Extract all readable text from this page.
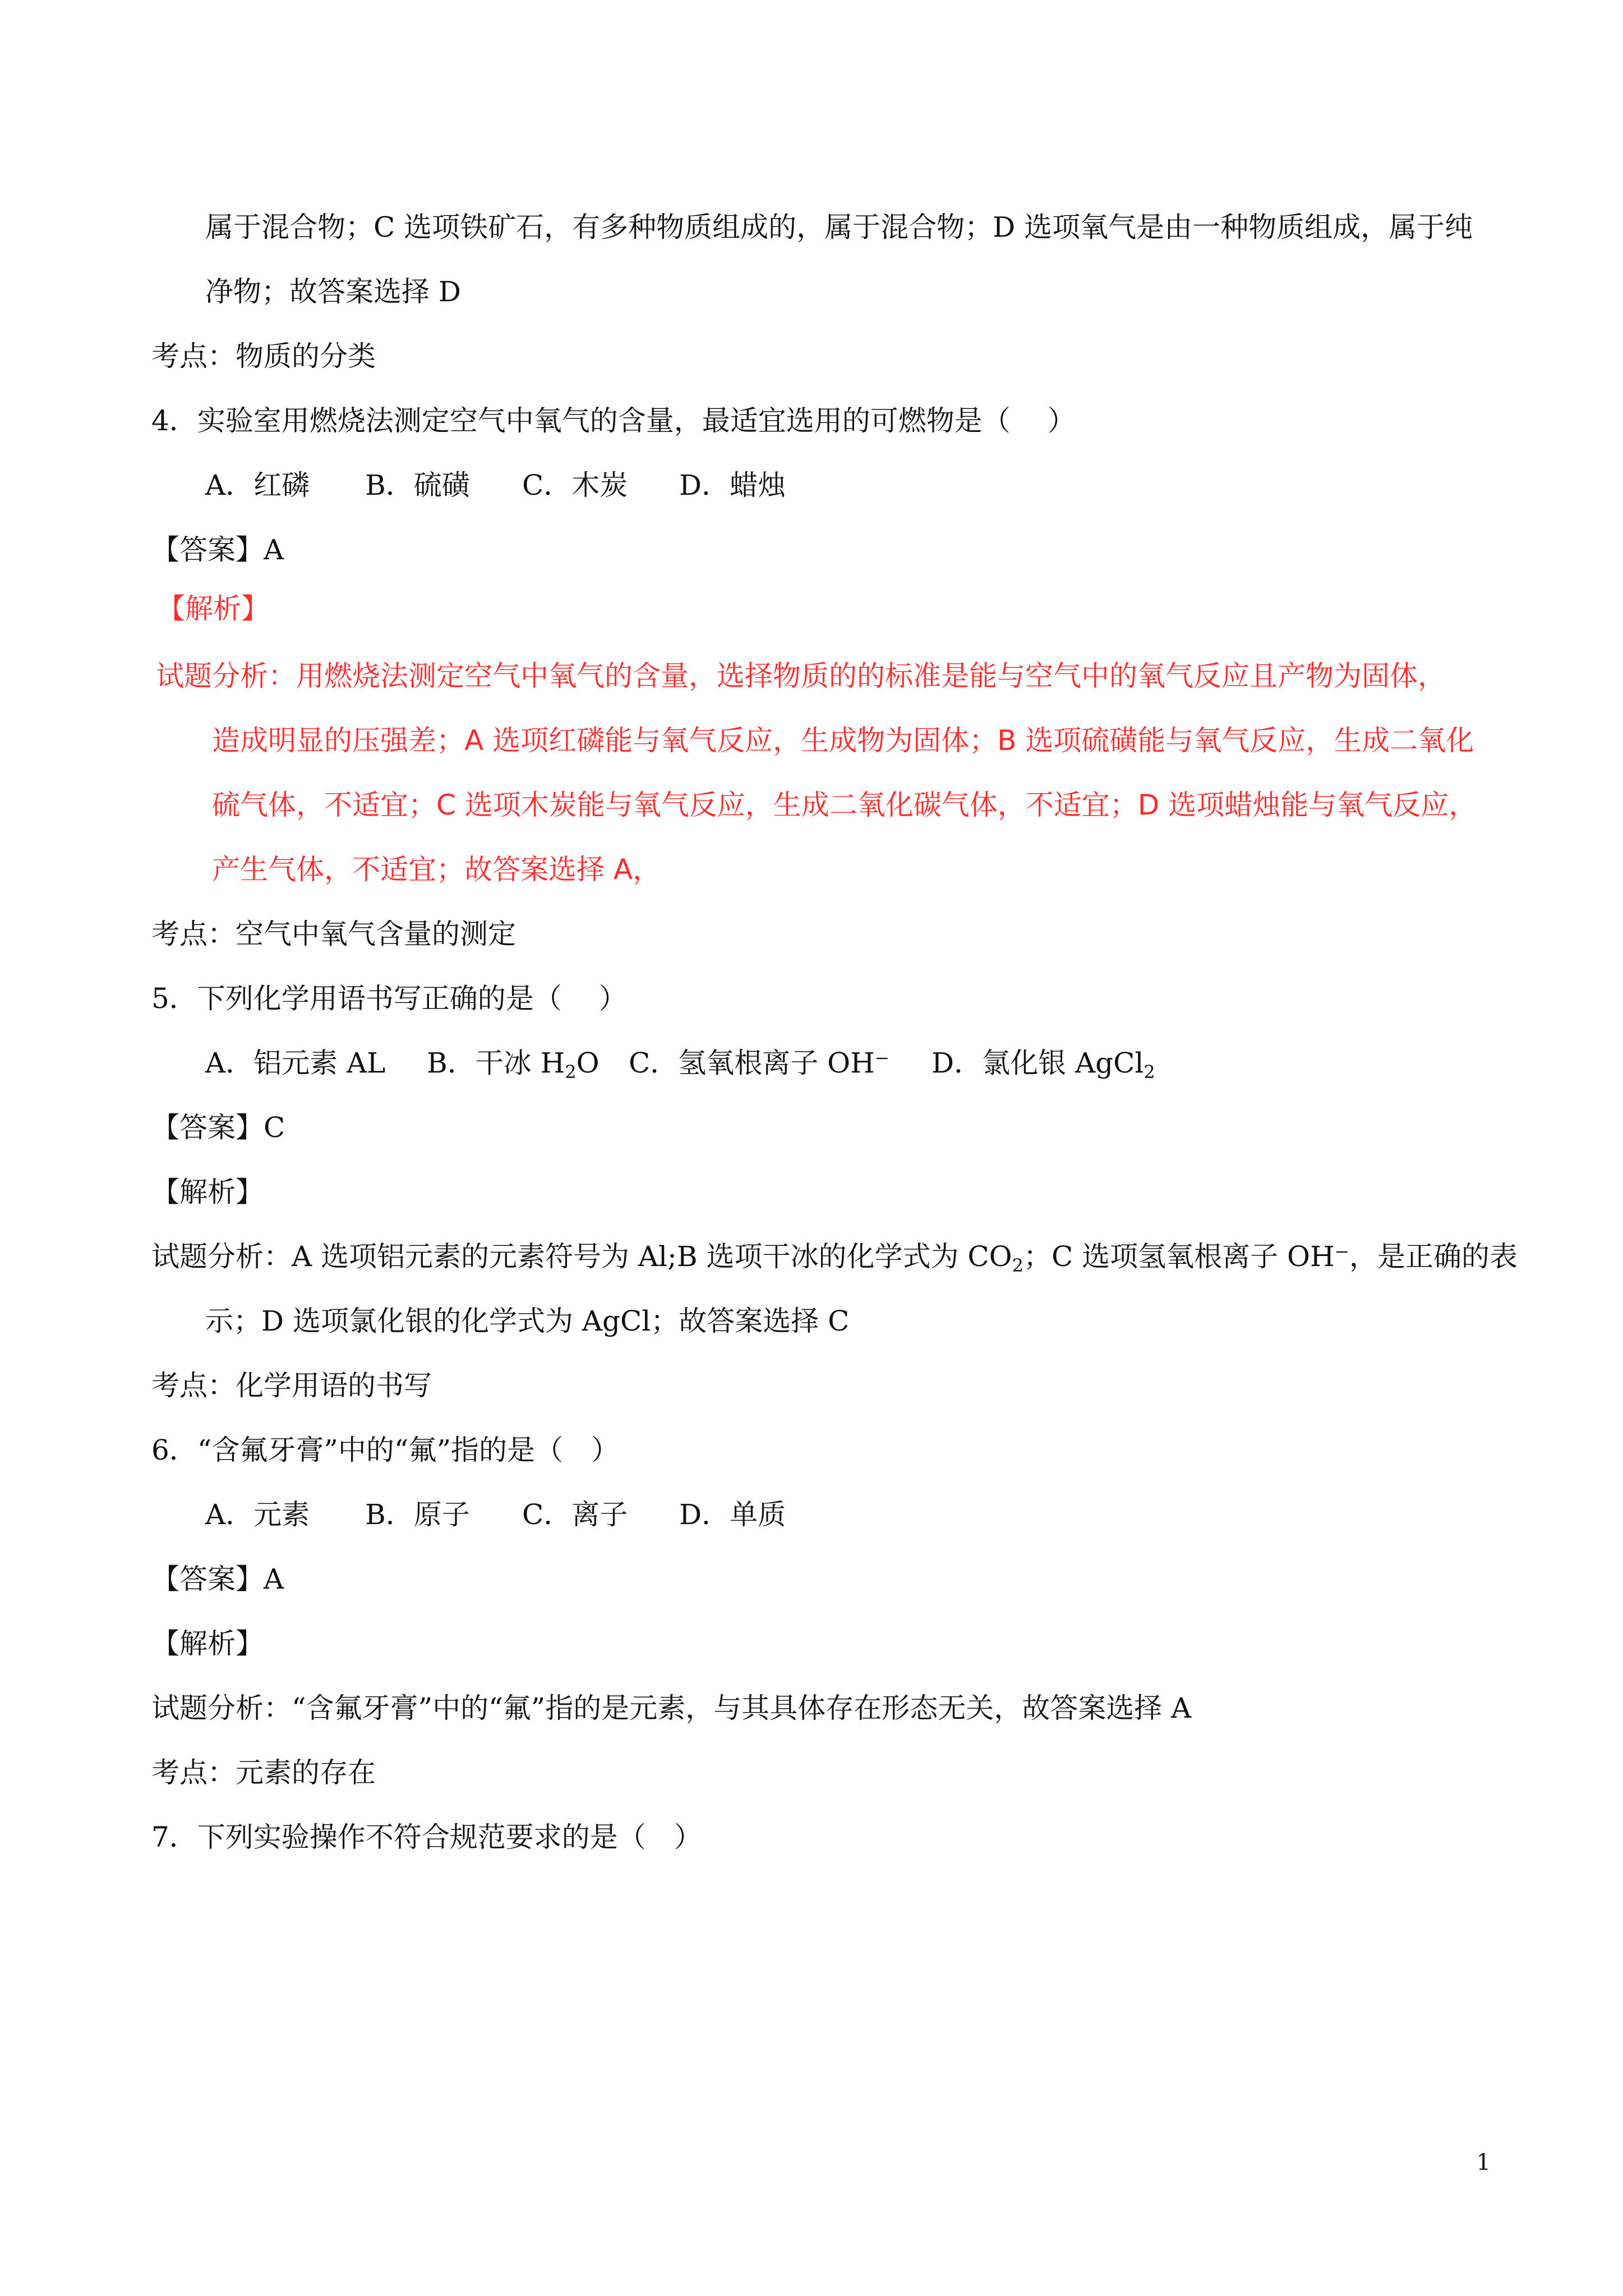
属于混合物；C 选项铁矿石，有多种物质组成的，属于混合物；D 选项氧气是由一种物质组成，属于纯
净物；故答案选择 D
考点：物质的分类
4．实验室用燃烧法测定空气中氧气的含量，最适宜选用的可燃物是（　 ）
A．红磷 B．硫磺 C．木炭 D．蜡烛
【答案】A
【解析】
试题分析：用燃烧法测定空气中氧气的含量，选择物质的的标准是能与空气中的氧气反应且产物为固体，
造成明显的压强差；A 选项红磷能与氧气反应，生成物为固体；B 选项硫磺能与氧气反应，生成二氧化
硫气体，不适宜；C 选项木炭能与氧气反应，生成二氧化碳气体，不适宜；D 选项蜡烛能与氧气反应，
产生气体，不适宜；故答案选择 A，
考点：空气中氧气含量的测定
5．下列化学用语书写正确的是（　 ）
A．铝元素 AL B．干冰 $H_2O$ C．氢氧根离子 OH⁻ D．氯化银 AgCl$_2$
【答案】C
【解析】
试题分析：A 选项铝元素的元素符号为 Al;B 选项干冰的化学式为 $CO_2$；C 选项氢氧根离子 OH⁻，是正确的表
示；D 选项氯化银的化学式为 AgCl；故答案选择 C
考点：化学用语的书写
6．“含氟牙膏”中的“氟”指的是（　）
A．元素 B．原子 C．离子 D．单质
【答案】A
【解析】
试题分析：“含氟牙膏”中的“氟”指的是元素，与其具体存在形态无关，故答案选择 A
考点：元素的存在
7．下列实验操作不符合规范要求的是（　）
1
